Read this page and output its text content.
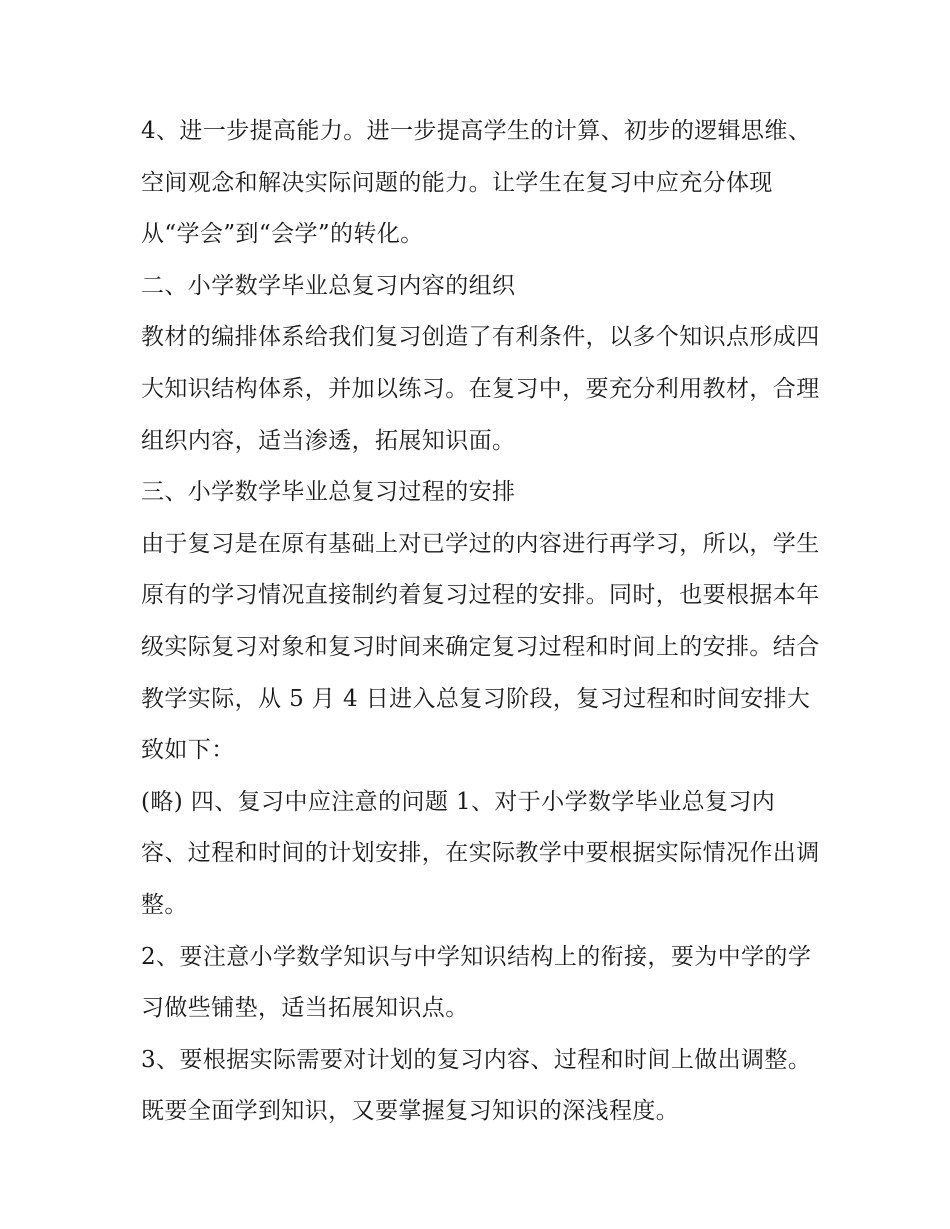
4、进一步提高能力。进一步提高学生的计算、初步的逻辑思维、空间观念和解决实际问题的能力。让学生在复习中应充分体现从“学会”到“会学”的转化。

二、小学数学毕业总复习内容的组织

教材的编排体系给我们复习创造了有利条件，以多个知识点形成四大知识结构体系，并加以练习。在复习中，要充分利用教材，合理组织内容，适当渗透，拓展知识面。

三、小学数学毕业总复习过程的安排

由于复习是在原有基础上对已学过的内容进行再学习，所以，学生原有的学习情况直接制约着复习过程的安排。同时，也要根据本年级实际复习对象和复习时间来确定复习过程和时间上的安排。结合教学实际，从 5 月 4 日进入总复习阶段，复习过程和时间安排大致如下：

(略) 四、复习中应注意的问题 1、对于小学数学毕业总复习内容、过程和时间的计划安排，在实际教学中要根据实际情况作出调整。

2、要注意小学数学知识与中学知识结构上的衔接，要为中学的学习做些铺垫，适当拓展知识点。

3、要根据实际需要对计划的复习内容、过程和时间上做出调整。既要全面学到知识，又要掌握复习知识的深浅程度。
